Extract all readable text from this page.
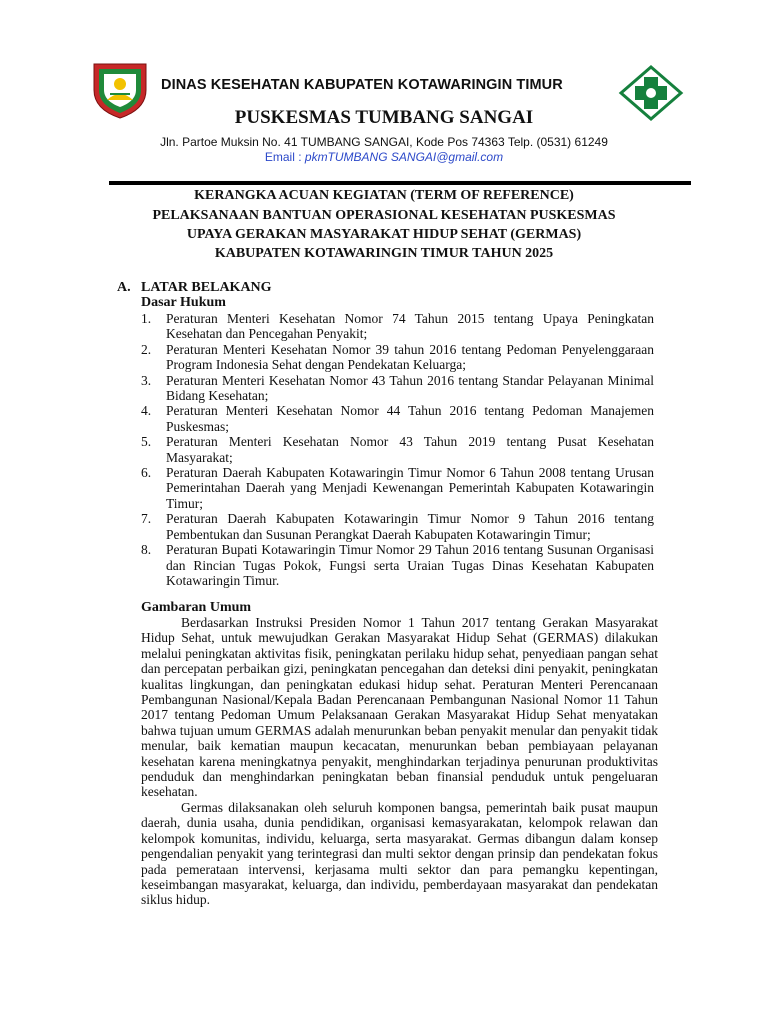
DINAS KESEHATAN KABUPATEN KOTAWARINGIN TIMUR
PUSKESMAS TUMBANG SANGAI
Jln. Partoe Muksin No. 41 TUMBANG SANGAI, Kode Pos 74363 Telp. (0531) 61249
Email : pkmTUMBANG SANGAI@gmail.com
KERANGKA ACUAN KEGIATAN (TERM OF REFERENCE)
PELAKSANAAN BANTUAN OPERASIONAL KESEHATAN PUSKESMAS
UPAYA GERAKAN MASYARAKAT HIDUP SEHAT (GERMAS)
KABUPATEN KOTAWARINGIN TIMUR TAHUN 2025
A. LATAR BELAKANG
Dasar Hukum
1. Peraturan Menteri Kesehatan Nomor 74 Tahun 2015 tentang Upaya Peningkatan Kesehatan dan Pencegahan Penyakit;
2. Peraturan Menteri Kesehatan Nomor 39 tahun 2016 tentang Pedoman Penyelenggaraan Program Indonesia Sehat dengan Pendekatan Keluarga;
3. Peraturan Menteri Kesehatan Nomor 43 Tahun 2016 tentang Standar Pelayanan Minimal Bidang Kesehatan;
4. Peraturan Menteri Kesehatan Nomor 44 Tahun 2016 tentang Pedoman Manajemen Puskesmas;
5. Peraturan Menteri Kesehatan Nomor 43 Tahun 2019 tentang Pusat Kesehatan Masyarakat;
6. Peraturan Daerah Kabupaten Kotawaringin Timur Nomor 6 Tahun 2008 tentang Urusan Pemerintahan Daerah yang Menjadi Kewenangan Pemerintah Kabupaten Kotawaringin Timur;
7. Peraturan Daerah Kabupaten Kotawaringin Timur Nomor 9 Tahun 2016 tentang Pembentukan dan Susunan Perangkat Daerah Kabupaten Kotawaringin Timur;
8. Peraturan Bupati Kotawaringin Timur Nomor 29 Tahun 2016 tentang Susunan Organisasi dan Rincian Tugas Pokok, Fungsi serta Uraian Tugas Dinas Kesehatan Kabupaten Kotawaringin Timur.
Gambaran Umum

Berdasarkan Instruksi Presiden Nomor 1 Tahun 2017 tentang Gerakan Masyarakat Hidup Sehat, untuk mewujudkan Gerakan Masyarakat Hidup Sehat (GERMAS) dilakukan melalui peningkatan aktivitas fisik, peningkatan perilaku hidup sehat, penyediaan pangan sehat dan percepatan perbaikan gizi, peningkatan pencegahan dan deteksi dini penyakit, peningkatan kualitas lingkungan, dan peningkatan edukasi hidup sehat. Peraturan Menteri Perencanaan Pembangunan Nasional/Kepala Badan Perencanaan Pembangunan Nasional Nomor 11 Tahun 2017 tentang Pedoman Umum Pelaksanaan Gerakan Masyarakat Hidup Sehat menyatakan bahwa tujuan umum GERMAS adalah menurunkan beban penyakit menular dan penyakit tidak menular, baik kematian maupun kecacatan, menurunkan beban pembiayaan pelayanan kesehatan karena meningkatnya penyakit, menghindarkan terjadinya penurunan produktivitas penduduk dan menghindarkan peningkatan beban finansial penduduk untuk pengeluaran kesehatan.

Germas dilaksanakan oleh seluruh komponen bangsa, pemerintah baik pusat maupun daerah, dunia usaha, dunia pendidikan, organisasi kemasyarakatan, kelompok relawan dan kelompok komunitas, individu, keluarga, serta masyarakat. Germas dibangun dalam konsep pengendalian penyakit yang terintegrasi dan multi sektor dengan prinsip dan pendekatan fokus pada pemerataan intervensi, kerjasama multi sektor dan para pemangku kepentingan, keseimbangan masyarakat, keluarga, dan individu, pemberdayaan masyarakat dan pendekatan siklus hidup.
